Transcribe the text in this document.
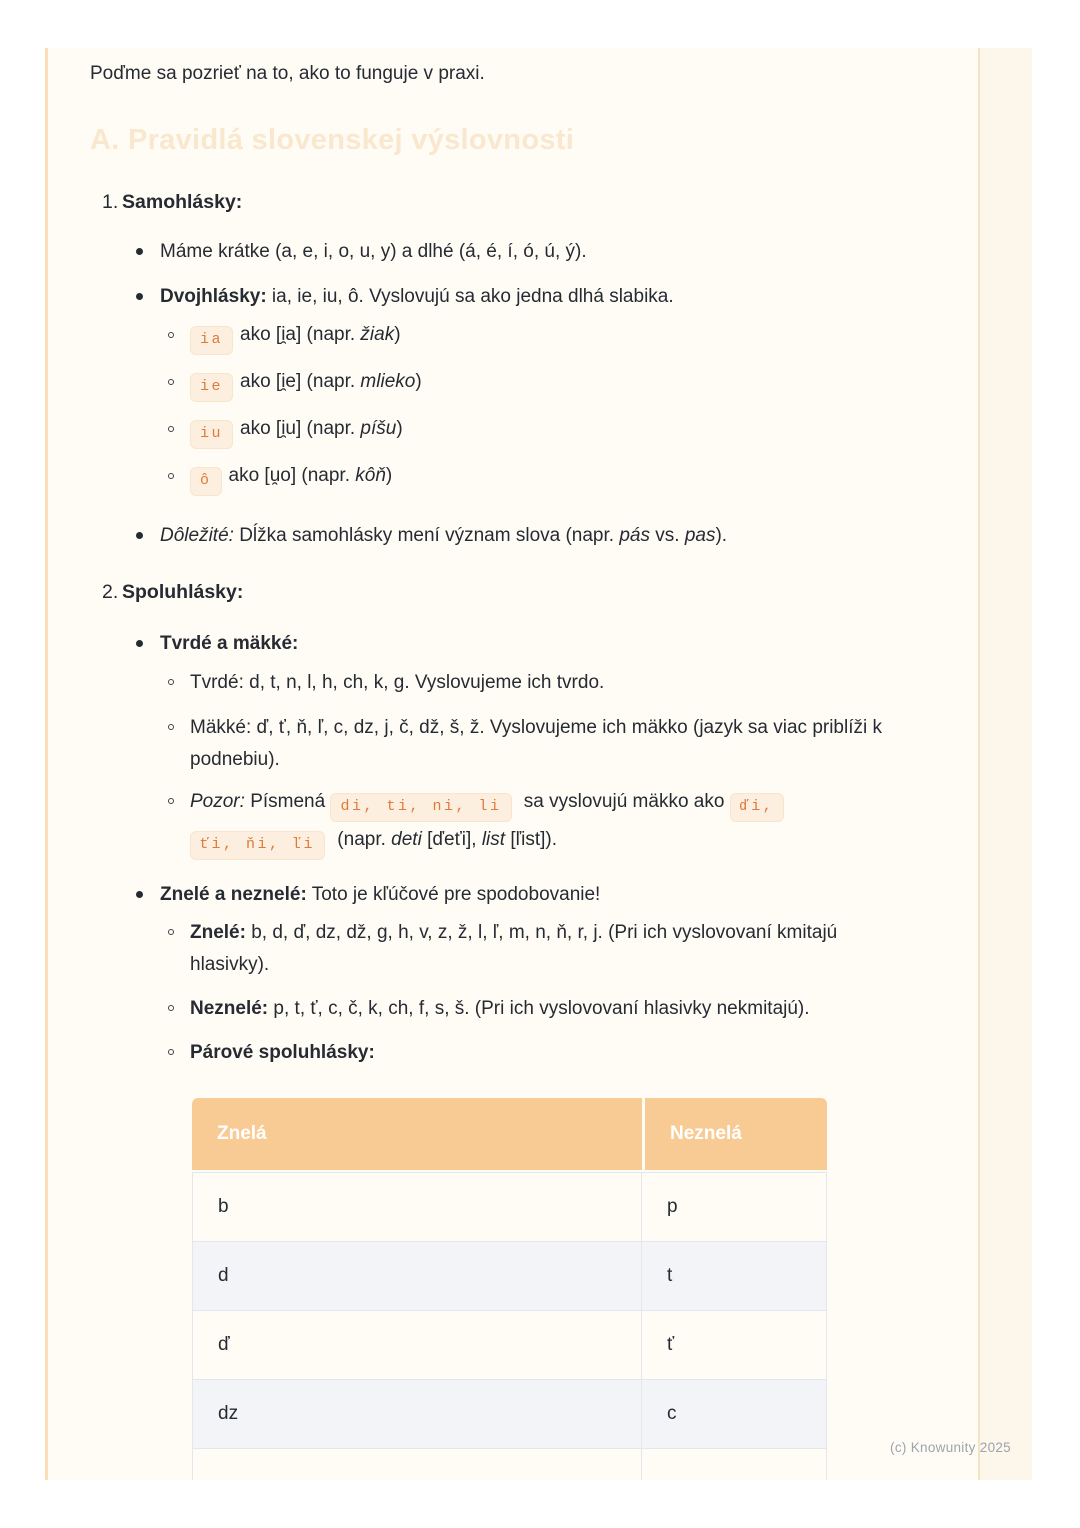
Poďme sa pozrieť na to, ako to funguje v praxi.

A. Pravidlá slovenskej výslovnosti
1. Samohlásky:
Máme krátke (a, e, i, o, u, y) a dlhé (á, é, í, ó, ú, ý).
Dvojhlásky: ia, ie, iu, ô. Vyslovujú sa ako jedna dlhá slabika.
ia ako [i̯a] (napr. žiak)
ie ako [i̯e] (napr. mlieko)
iu ako [i̯u] (napr. píšu)
ô ako [u̯o] (napr. kôň)
Dôležité: Dĺžka samohlásky mení význam slova (napr. pás vs. pas).
2. Spoluhlásky:
Tvrdé a mäkké:
Tvrdé: d, t, n, l, h, ch, k, g. Vyslovujeme ich tvrdo.
Mäkké: ď, ť, ň, ľ, c, dz, j, č, dž, š, ž. Vyslovujeme ich mäkko (jazyk sa viac priblíži k podnebiu).
Pozor: Písmená di, ti, ni, li sa vyslovujú mäkko ako ďi,
ťi, ňi, ľi (napr. deti [ďeťi], list [ľist]).
Znelé a neznelé: Toto je kľúčové pre spodobovanie!
Znelé: b, d, ď, dz, dž, g, h, v, z, ž, l, ľ, m, n, ň, r, j. (Pri ich vyslovovaní kmitajú hlasivky).
Neznelé: p, t, ť, c, č, k, ch, f, s, š. (Pri ich vyslovovaní hlasivky nekmitajú).
Párové spoluhlásky:
Znelá	Neznelá
b	p
d	t
ď	ť
dz	c
(c) Knowunity 2025
